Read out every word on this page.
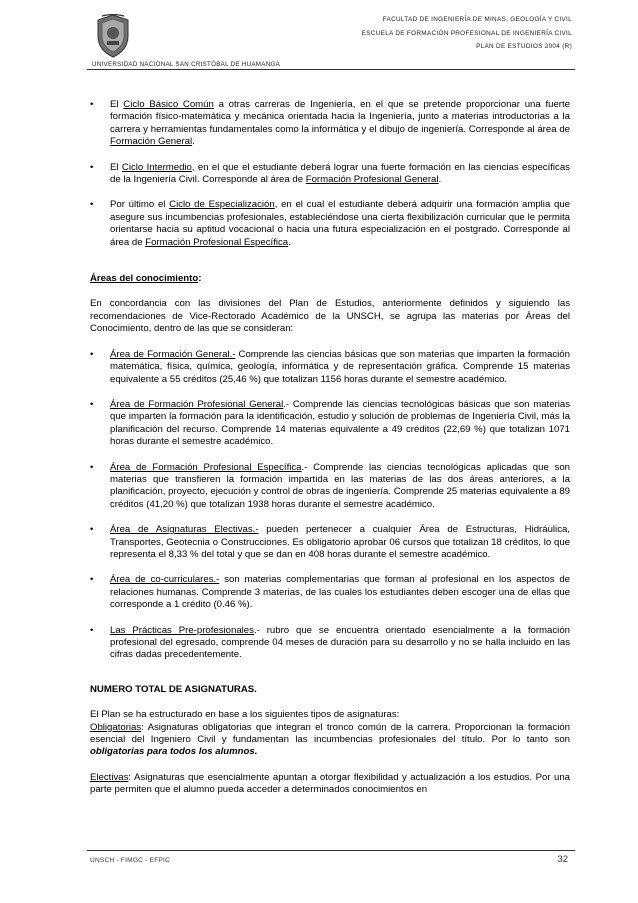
FACULTAD DE INGENIERÍA DE MINAS, GEOLOGÍA Y CIVIL
ESCUELA DE FORMACIÓN PROFESIONAL DE INGENIERÍA CIVIL
PLAN DE ESTUDIOS 2004 (R)
UNIVERSIDAD NACIONAL SAN CRISTÓBAL DE HUAMANGA
• El Ciclo Básico Común a otras carreras de Ingeniería, en el que se pretende proporcionar una fuerte formación físico-matemática y mecánica orientada hacia la Ingeniería, junto a materias introductorias a la carrera y herramientas fundamentales como la informática y el dibujo de ingeniería. Corresponde al área de Formación General.
• El Ciclo Intermedio, en el que el estudiante deberá lograr una fuerte formación en las ciencias específicas de la Ingeniería Civil. Corresponde al área de Formación Profesional General.
• Por último el Ciclo de Especialización, en el cual el estudiante deberá adquirir una formación amplia que asegure sus incumbencias profesionales, estableciéndose una cierta flexibilización curricular que le permita orientarse hacia su aptitud vocacional o hacia una futura especialización en el postgrado. Corresponde al área de Formación Profesional Específica.
Áreas del conocimiento:

En concordancia con las divisiones del Plan de Estudios, anteriormente definidos y siguiendo las recomendaciones de Vice-Rectorado Académico de la UNSCH, se agrupa las materias por Áreas del Conocimiento, dentro de las que se consideran:

• Área de Formación General.- Comprende las ciencias básicas que son materias que imparten la formación matemática, física, química, geología, informática y de representación gráfica. Comprende 15 materias equivalente a 55 créditos (25,46 %) que totalizan 1156 horas durante el semestre académico.
• Área de Formación Profesional General.- Comprende las ciencias tecnológicas básicas que son materias que imparten la formación para la identificación, estudio y solución de problemas de Ingeniería Civil, más la planificación del recurso. Comprende 14 materias equivalente a 49 créditos (22,69 %) que totalizan 1071 horas durante el semestre académico.
• Área de Formación Profesional Específica.- Comprende las ciencias tecnológicas aplicadas que son materias que transfieren la formación impartida en las materias de las dos áreas anteriores, a la planificación, proyecto, ejecución y control de obras de ingeniería. Comprende 25 materias equivalente a 89 créditos (41,20 %) que totalizan 1938 horas durante el semestre académico.
• Área de Asignaturas Electivas.- pueden pertenecer a cualquier Área de Estructuras, Hidráulica, Transportes, Geotecnia o Construcciones. Es obligatorio aprobar 06 cursos que totalizan 18 créditos, lo que representa el 8,33 % del total y que se dan en 408 horas durante el semestre académico.
• Área de co-curriculares.- son materias complementarias que forman al profesional en los aspectos de relaciones humanas. Comprende 3 materias, de las cuales los estudiantes deben escoger una de ellas que corresponde a 1 crédito (0.46 %).
• Las Prácticas Pre-profesionales.- rubro que se encuentra orientado esencialmente a la formación profesional del egresado, comprende 04 meses de duración para su desarrollo y no se halla incluido en las cifras dadas precedentemente.
NUMERO TOTAL DE ASIGNATURAS.

El Plan se ha estructurado en base a los siguientes tipos de asignaturas:

Obligatorias: Asignaturas obligatorias que integran el tronco común de la carrera. Proporcionan la formación esencial del Ingeniero Civil y fundamentan las incumbencias profesionales del título. Por lo tanto son obligatorias para todos los alumnos.

Electivas: Asignaturas que esencialmente apuntan a otorgar flexibilidad y actualización a los estudios. Por una parte permiten que el alumno pueda acceder a determinados conocimientos en

UNSCH - FIMGC - EFPIC	32
